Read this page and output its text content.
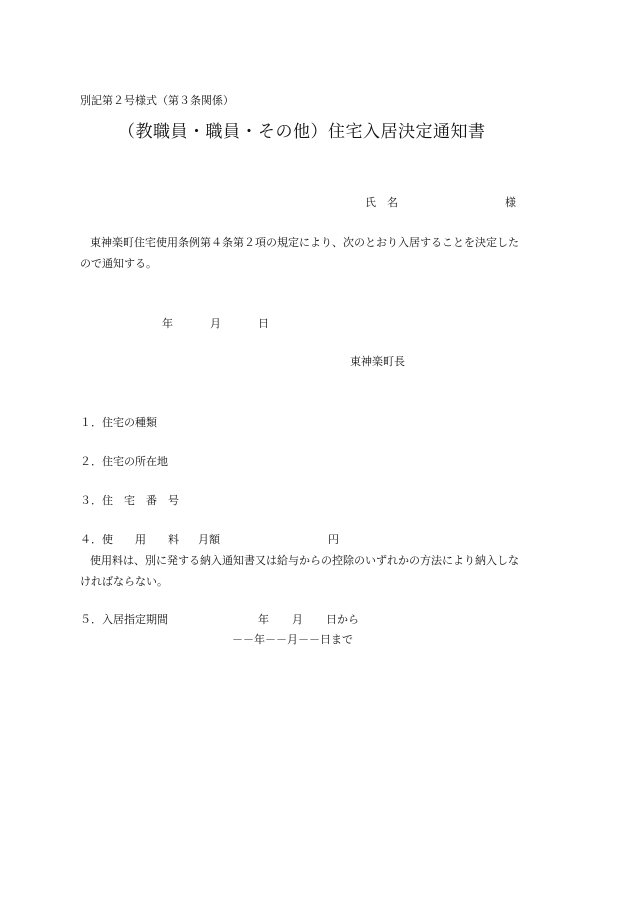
別記第２号様式（第３条関係）
（教職員・職員・その他）住宅入居決定通知書
氏　名	様
東神楽町住宅使用条例第４条第２項の規定により、次のとおり入居することを決定した
ので通知する。
年	月	日
東神楽町長
１．住宅の種類
２．住宅の所在地
３．住　宅　番　号
４．使　　用　　料 月額	円
使用料は、別に発する納入通知書又は給与からの控除のいずれかの方法により納入しな
ければならない。
５．入居指定期間	年 月 日から
－－年－－月－－日まで
